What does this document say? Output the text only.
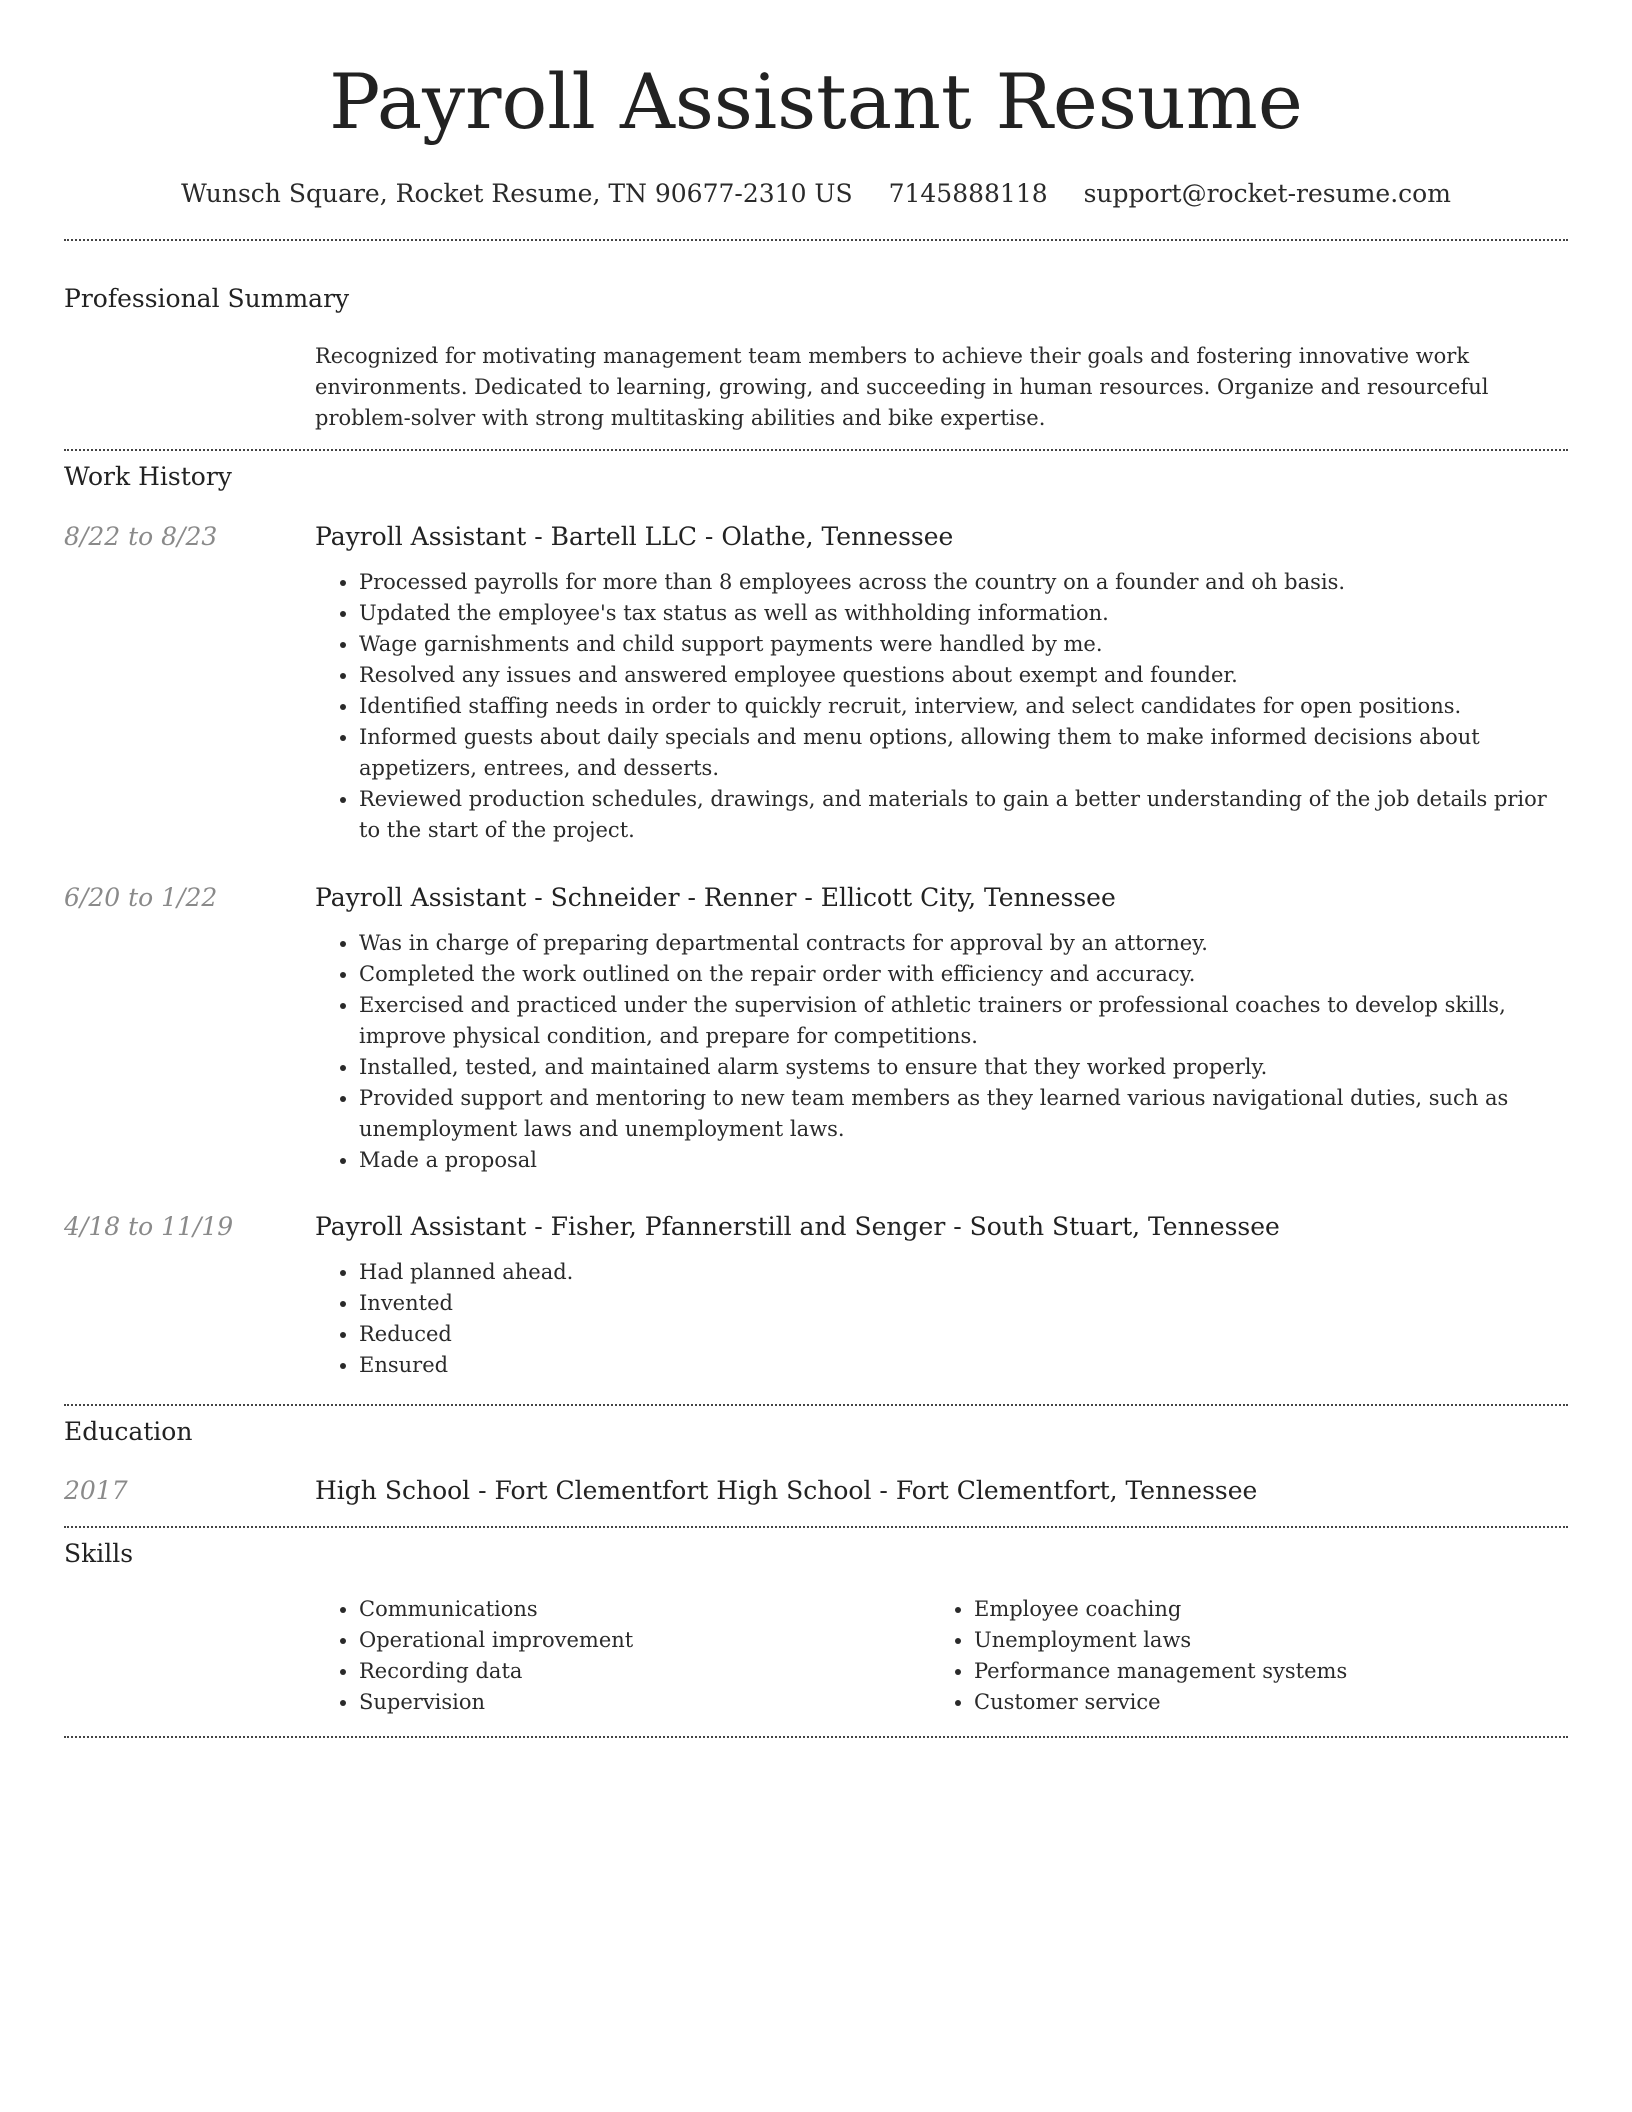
Payroll Assistant Resume
Wunsch Square, Rocket Resume, TN 90677-2310 US 7145888118 support@rocket-resume.com
Professional Summary
Recognized for motivating management team members to achieve their goals and fostering innovative work environments. Dedicated to learning, growing, and succeeding in human resources. Organize and resourceful problem-solver with strong multitasking abilities and bike expertise.
Work History
8/22 to 8/23	Payroll Assistant - Bartell LLC - Olathe, Tennessee
• Processed payrolls for more than 8 employees across the country on a founder and oh basis.
• Updated the employee's tax status as well as withholding information.
• Wage garnishments and child support payments were handled by me.
• Resolved any issues and answered employee questions about exempt and founder.
• Identified staffing needs in order to quickly recruit, interview, and select candidates for open positions.
• Informed guests about daily specials and menu options, allowing them to make informed decisions about appetizers, entrees, and desserts.
• Reviewed production schedules, drawings, and materials to gain a better understanding of the job details prior to the start of the project.
6/20 to 1/22	Payroll Assistant - Schneider - Renner - Ellicott City, Tennessee
• Was in charge of preparing departmental contracts for approval by an attorney.
• Completed the work outlined on the repair order with efficiency and accuracy.
• Exercised and practiced under the supervision of athletic trainers or professional coaches to develop skills, improve physical condition, and prepare for competitions.
• Installed, tested, and maintained alarm systems to ensure that they worked properly.
• Provided support and mentoring to new team members as they learned various navigational duties, such as unemployment laws and unemployment laws.
• Made a proposal
4/18 to 11/19	Payroll Assistant - Fisher, Pfannerstill and Senger - South Stuart, Tennessee
• Had planned ahead.
• Invented
• Reduced
• Ensured
Education
2017	High School - Fort Clementfort High School - Fort Clementfort, Tennessee
Skills
• Communications
• Operational improvement
• Recording data
• Supervision
• Employee coaching
• Unemployment laws
• Performance management systems
• Customer service
